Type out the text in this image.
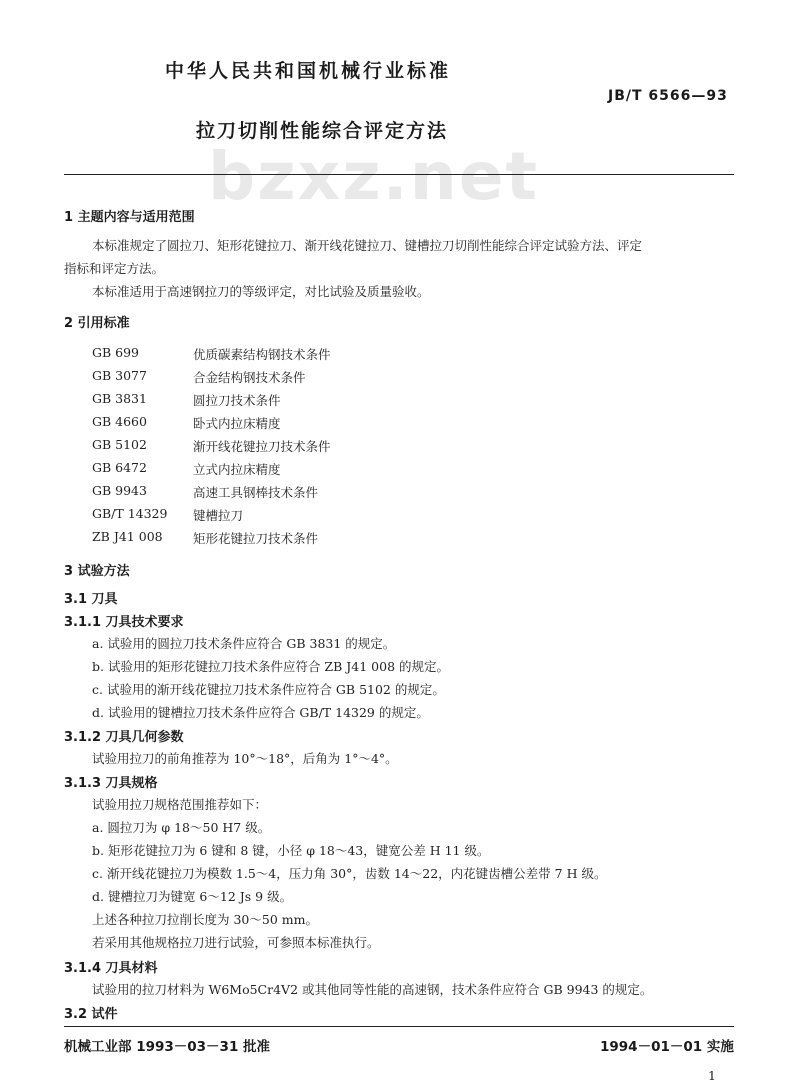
中华人民共和国机械行业标准
JB/T 6566—93
bzxz.net
拉刀切削性能综合评定方法
1 主题内容与适用范围
本标准规定了圆拉刀、矩形花键拉刀、渐开线花键拉刀、键槽拉刀切削性能综合评定试验方法、评定
指标和评定方法。
本标准适用于高速钢拉刀的等级评定，对比试验及质量验收。
2 引用标准
GB 699	优质碳素结构钢技术条件
GB 3077	合金结构钢技术条件
GB 3831	圆拉刀技术条件
GB 4660	卧式内拉床精度
GB 5102	渐开线花键拉刀技术条件
GB 6472	立式内拉床精度
GB 9943	高速工具钢棒技术条件
GB/T 14329	键槽拉刀
ZB J41 008	矩形花键拉刀技术条件
3 试验方法
3.1 刀具
3.1.1 刀具技术要求
a. 试验用的圆拉刀技术条件应符合 GB 3831 的规定。
b. 试验用的矩形花键拉刀技术条件应符合 ZB J41 008 的规定。
c. 试验用的渐开线花键拉刀技术条件应符合 GB 5102 的规定。
d. 试验用的键槽拉刀技术条件应符合 GB/T 14329 的规定。
3.1.2 刀具几何参数
试验用拉刀的前角推荐为 10°～18°，后角为 1°～4°。
3.1.3 刀具规格
试验用拉刀规格范围推荐如下：
a. 圆拉刀为 φ 18～50 H7 级。
b. 矩形花键拉刀为 6 键和 8 键，小径 φ 18～43，键宽公差 H 11 级。
c. 渐开线花键拉刀为模数 1.5～4，压力角 30°，齿数 14～22，内花键齿槽公差带 7 H 级。
d. 键槽拉刀为键宽 6～12 Js 9 级。
上述各种拉刀拉削长度为 30～50 mm。
若采用其他规格拉刀进行试验，可参照本标准执行。
3.1.4 刀具材料
试验用的拉刀材料为 W6Mo5Cr4V2 或其他同等性能的高速钢，技术条件应符合 GB 9943 的规定。
3.2 试件
机械工业部 1993－03－31 批准	1994－01－01 实施
1
